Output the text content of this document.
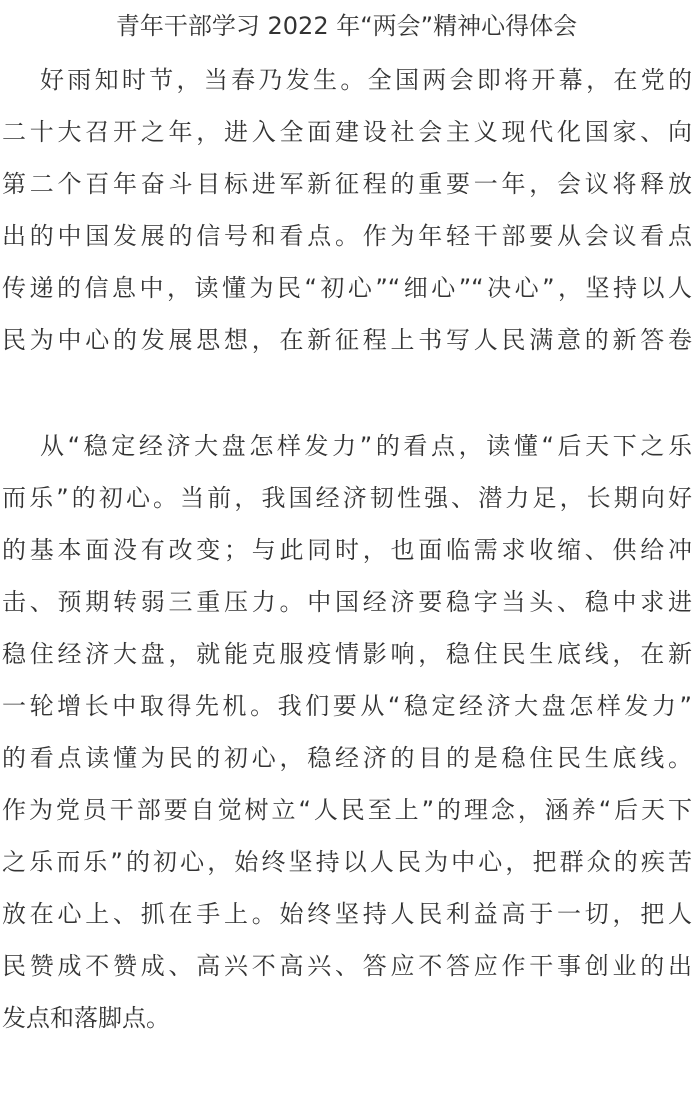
青年干部学习 2022 年“两会”精神心得体会
好雨知时节，当春乃发生。全国两会即将开幕，在党的
二十大召开之年，进入全面建设社会主义现代化国家、向
第二个百年奋斗目标进军新征程的重要一年，会议将释放
出的中国发展的信号和看点。作为年轻干部要从会议看点
传递的信息中，读懂为民“初心”“细心”“决心”，坚持以人
民为中心的发展思想，在新征程上书写人民满意的新答卷
从“稳定经济大盘怎样发力”的看点，读懂“后天下之乐
而乐”的初心。当前，我国经济韧性强、潜力足，长期向好
的基本面没有改变；与此同时，也面临需求收缩、供给冲
击、预期转弱三重压力。中国经济要稳字当头、稳中求进
稳住经济大盘，就能克服疫情影响，稳住民生底线，在新
一轮增长中取得先机。我们要从“稳定经济大盘怎样发力”
的看点读懂为民的初心，稳经济的目的是稳住民生底线。
作为党员干部要自觉树立“人民至上”的理念，涵养“后天下
之乐而乐”的初心，始终坚持以人民为中心，把群众的疾苦
放在心上、抓在手上。始终坚持人民利益高于一切，把人
民赞成不赞成、高兴不高兴、答应不答应作干事创业的出
发点和落脚点。
